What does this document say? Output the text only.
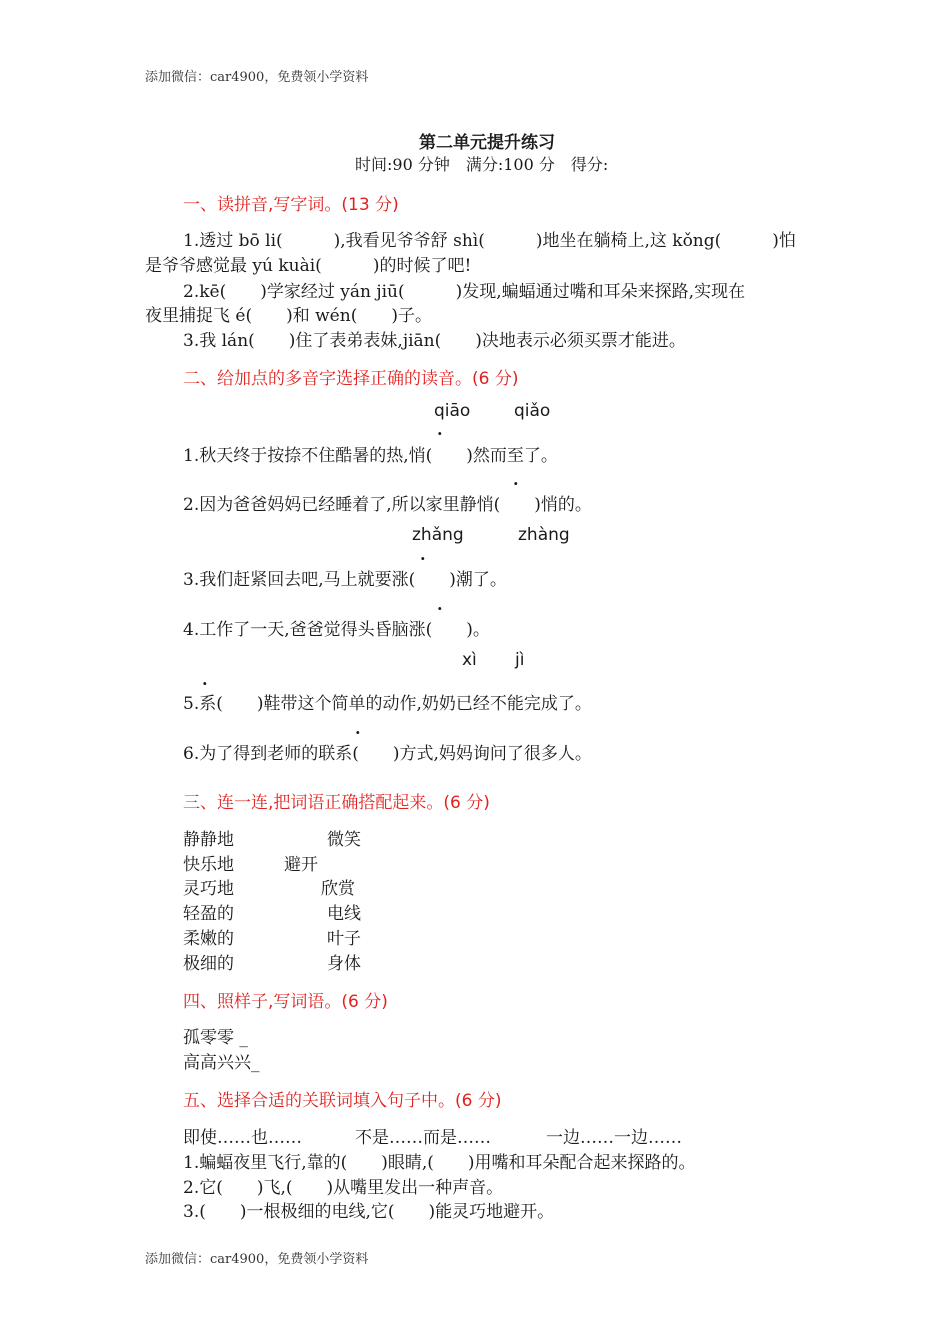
添加微信：car4900，免费领小学资料
第二单元提升练习
时间:90 分钟　满分:100 分　得分:
一、读拼音,写字词。(13 分)
1.透过 bō li(　　　),我看见爷爷舒 shì(　　　)地坐在躺椅上,这 kǒng(　　　)怕
是爷爷感觉最 yú kuài(　　　)的时候了吧!
2.kē(　　)学家经过 yán jiū(　　　)发现,蝙蝠通过嘴和耳朵来探路,实现在
夜里捕捉飞 é(　　)和 wén(　　)子。
3.我 lán(　　)住了表弟表妹,jiān(　　)决地表示必须买票才能进。
二、给加点的多音字选择正确的读音。(6 分)
qiāo	qiǎo
.
1.秋天终于按捺不住酷暑的热,悄(　　)然而至了。
.
2.因为爸爸妈妈已经睡着了,所以家里静悄(　　)悄的。
zhǎng	zhàng
.
3.我们赶紧回去吧,马上就要涨(　　)潮了。
.
4.工作了一天,爸爸觉得头昏脑涨(　　)。
xì jì
.
5.系(　　)鞋带这个简单的动作,奶奶已经不能完成了。
.
6.为了得到老师的联系(　　)方式,妈妈询问了很多人。
三、连一连,把词语正确搭配起来。(6 分)
静静地
快乐地
灵巧地
轻盈的
柔嫩的
极细的
微笑
避开
欣赏
电线
叶子
身体
四、照样子,写词语。(6 分)
孤零零 _
高高兴兴_
五、选择合适的关联词填入句子中。(6 分)
即使……也……	不是……而是……	一边……一边……
1.蝙蝠夜里飞行,靠的(　　)眼睛,(　　)用嘴和耳朵配合起来探路的。
2.它(　　)飞,(　　)从嘴里发出一种声音。
3.(　　)一根极细的电线,它(　　)能灵巧地避开。
添加微信：car4900，免费领小学资料
